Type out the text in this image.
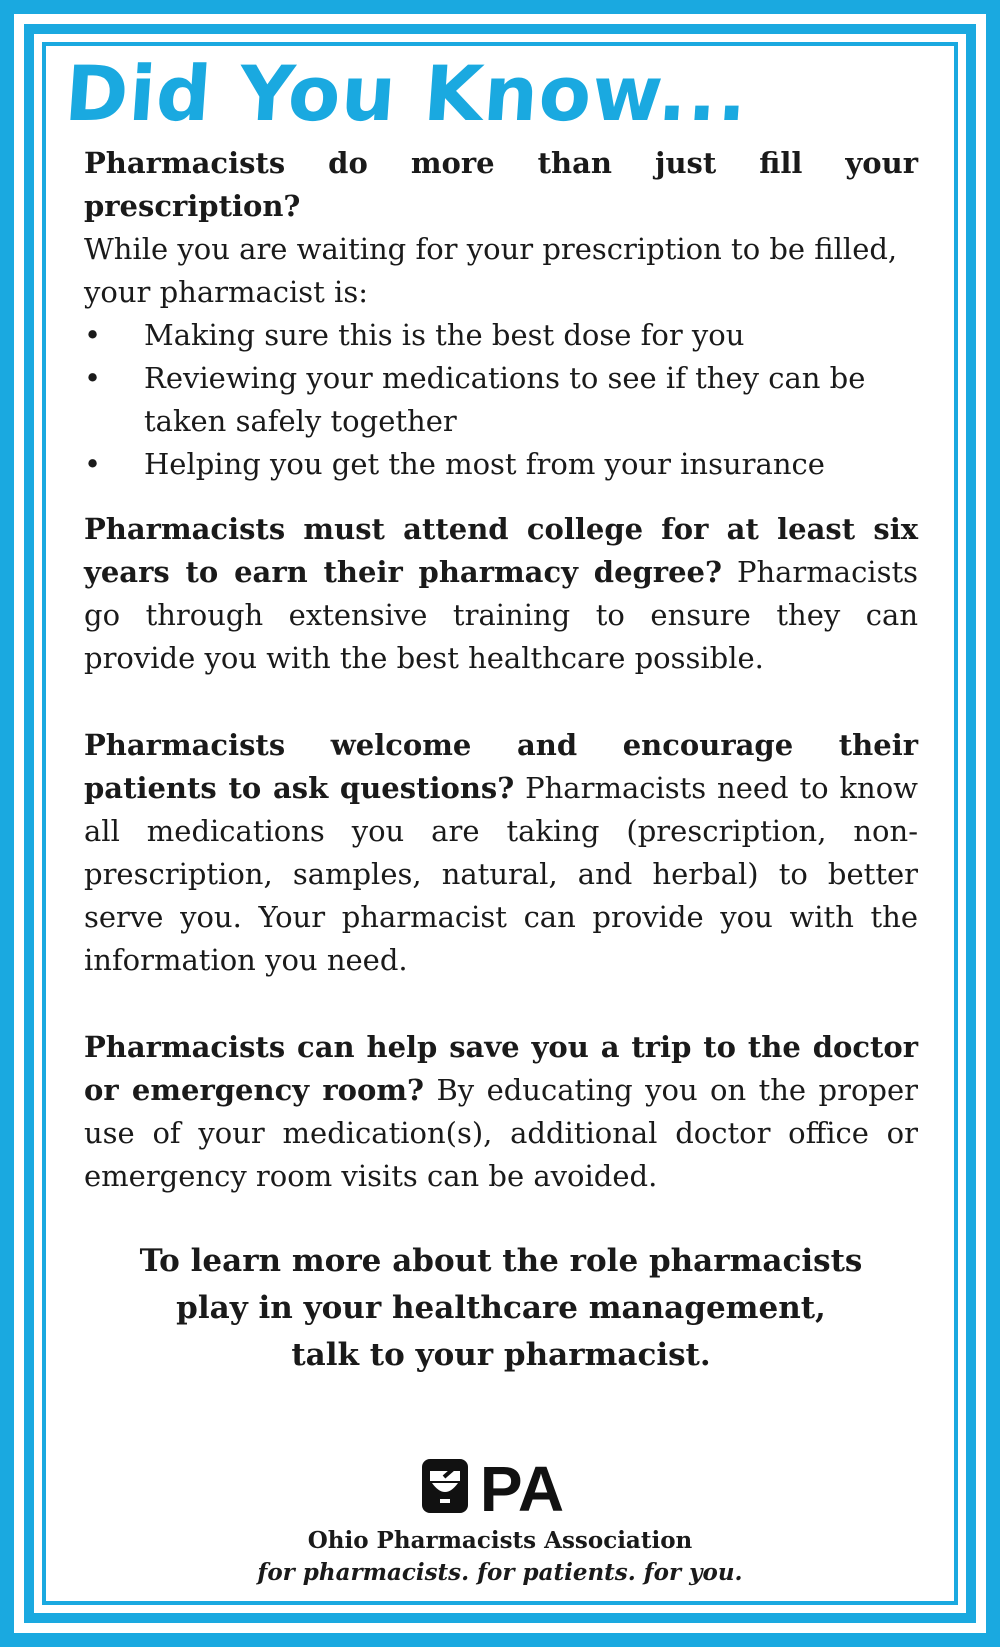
Did You Know...
Pharmacists do more than just fill your prescription?
While you are waiting for your prescription to be filled, your pharmacist is:
• Making sure this is the best dose for you
• Reviewing your medications to see if they can be taken safely together
• Helping you get the most from your insurance
Pharmacists must attend college for at least six years to earn their pharmacy degree? Pharmacists go through extensive training to ensure they can provide you with the best healthcare possible.
Pharmacists welcome and encourage their patients to ask questions? Pharmacists need to know all medications you are taking (prescription, non-prescription, samples, natural, and herbal) to better serve you. Your pharmacist can provide you with the information you need.
Pharmacists can help save you a trip to the doctor or emergency room? By educating you on the proper use of your medication(s), additional doctor office or emergency room visits can be avoided.
To learn more about the role pharmacists
play in your healthcare management,
talk to your pharmacist.
PA
Ohio Pharmacists Association
for pharmacists. for patients. for you.
